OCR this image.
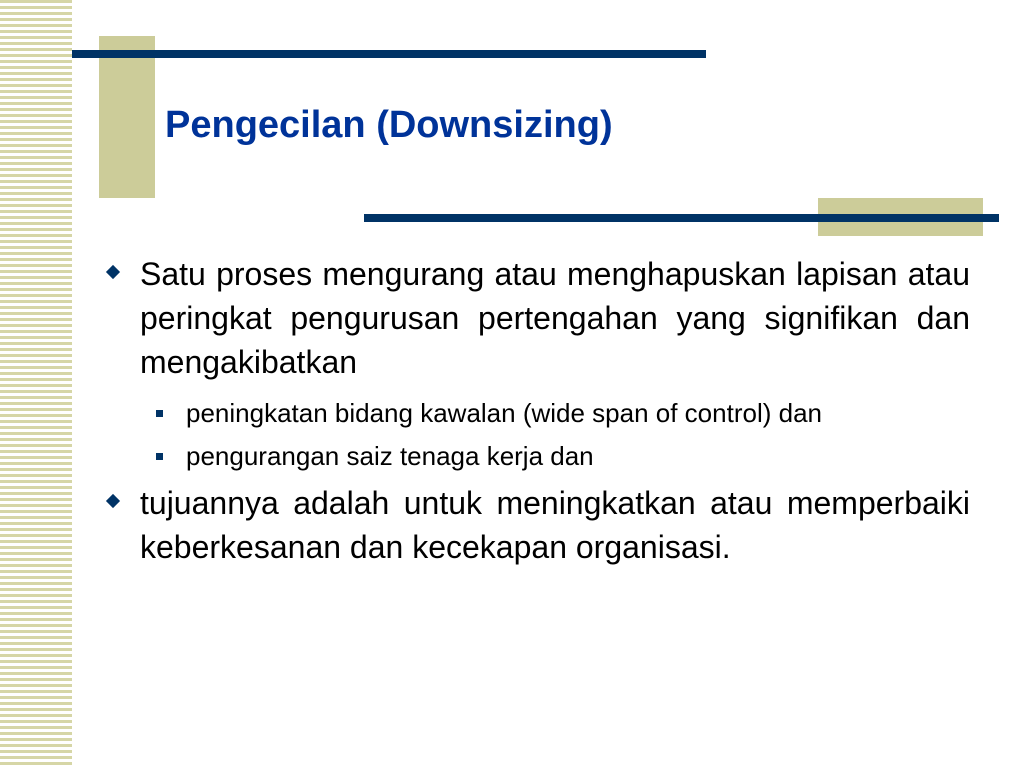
Pengecilan (Downsizing)

Satu proses mengurang atau menghapuskan lapisan atau peringkat pengurusan pertengahan yang signifikan dan mengakibatkan

peningkatan bidang kawalan (wide span of control) dan

pengurangan saiz tenaga kerja dan

tujuannya adalah untuk meningkatkan atau memperbaiki keberkesanan dan kecekapan organisasi.
